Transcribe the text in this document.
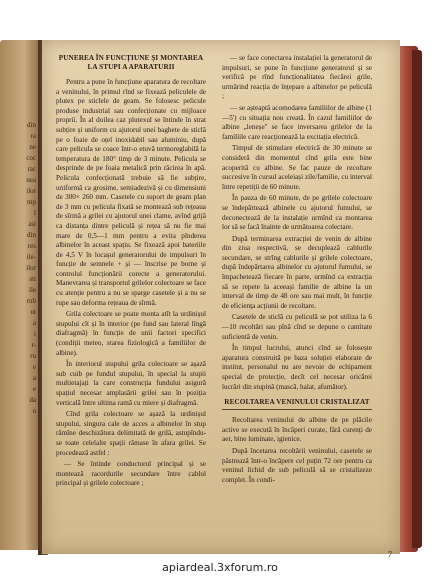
din
ra
ne
coc
rac
nea
ilor
mp
l
asi
din
res
ile-
ilor
sti
ile
rub
ut
a
i
r-
ru
e
a
e
da
u
PUNEREA ÎN FUNCȚIUNE ȘI MONTAREA LA STUPI A APARATURII

Pentru a pune în funcțiune aparatura de recoltare a veninului, în primul rînd se fixează peliculele de plutex pe sticlele de geam. Se folosesc pelicule produse industrial sau confecționate cu mijloace proprii. În al doilea caz plutexul se întinde în strat subțire și uniform cu ajutorul unei baghete de sticlă pe o foaie de oțel inoxidabil sau aluminiu, după care pelicula se coace într-o etuvă termoreglabilă la temperatura de 180° timp de 3 minute. Pelicula se desprinde de pe foaia metalică prin răcirea în apă. Pelicula confecționată trebuie să fie subțire, uniformă ca grosime, semiadezivă și cu dimensiuni de 300× 260 mm. Casetele cu suport de geam plan de 3 mm cu pelicula fixată se montează sub rețeaua de sîrmă a grilei cu ajutorul unei clame, avînd grijă ca distanța dintre peliculă și rețea să nu fie mai mare de 0,5—1 mm pentru a evita pînderea albinelor în aceast spațiu. Se fixează apoi bateriile de 4,5 V în locașul generatorului de impulsuri în funcție de semnele + și — înscrise pe borne și controlul funcționării corecte a generatorului. Manevrarea și transportul grilelor colectoare se face cu atenție pentru a nu se sparge casetele și a nu se rupe sau deforma rețeaua de sîrmă.

Grila colectoare se poate monta atît la urdinișul stupului cît și în interior (pe fund sau lateral lîngă diafragmă) în funcție de unii factori specifici (condiții meteo, starea fiziologică a familiilor de albine).

În interiorul stupului grila colectoare se așază sub cuib pe fundul stupului, în special la stupii multietajați la care construcția fundului asigură spațiul necesar amplasării grilei sau în poziția verticală între ultima ramă cu miere și diafragmă.

Cînd grila colectoare se așază la urdinișul stupului, singura cale de acces a albinelor în stup rămîne deschizătura delimitată de grilă, astupîndu-se toate celelalte spații rămase în afara grilei. Se procedează astfel :

— Se întinde conductorul principal și se montează racordurile secundare între cablul principal și grilele colectoare ;

— se face conectarea instalației la generatorul de impulsuri, se pune în funcțiune generatorul și se verifică pe rînd funcționalitatea fiecărei grile, urmărind reacția de înțepare a albinelor pe peliculă ;

— se așteaptă acomodarea familiilor de albine (1—5') cu situația nou creată. În cazul familiilor de albine „leneșe" se face inversarea grilelor de la familiile care reacționează la excitația electrică.

Timpul de stimulare electrică de 30 minute se consideră din momentul cînd grila este bine acoperită cu albine. Se fac pauze de recoltare succesive în cursul aceleiași zile/familie, cu interval între repetiții de 60 minute.

În pauza de 60 minute, de pe grilele colectoare se îndepărtează albinele cu ajutorul fumului, se deconectează de la instalație urmînd ca montarea lor să se facă înainte de următoarea colectare.

După terminarea extracției de venin de albine din ziua respectivă, se decuplează cablurile secundare, se strîng cablurile și grilele colectoare, după îndepărtarea albinelor cu ajutorul fumului, se împachetează fiecare în parte, urmînd ca extracția să se repete la aceeași familie de albine la un interval de timp de 48 ore sau mai mult, în funcție de eficiența acțiunii de recoltare.

Casetele de sticlă cu peliculă se pot utiliza la 6—10 recoltări sau pînă cînd se depune o cantitate suficientă de venin.

În timpul lucrului, atunci cînd se folosește aparatura construită pe baza soluției elaborate de institut, personalul nu are nevoie de echipament special de protecție, decît cel necesar oricărei lucrări din stupină (mască, halat, afumător).

RECOLTAREA VENINULUI CRISTALIZAT

Recoltarea veninului de albine de pe plăcile active se execută în încăperi curate, fără curenți de aer, bine luminate, igienice.

După încetarea recoltării veninului, casetele se păstrează într-o încăpere cel puțin 72 ore pentru ca veninul lichid de sub peliculă să se cristalizeze complet. În condi-

7
apiardeal.3xforum.ro
